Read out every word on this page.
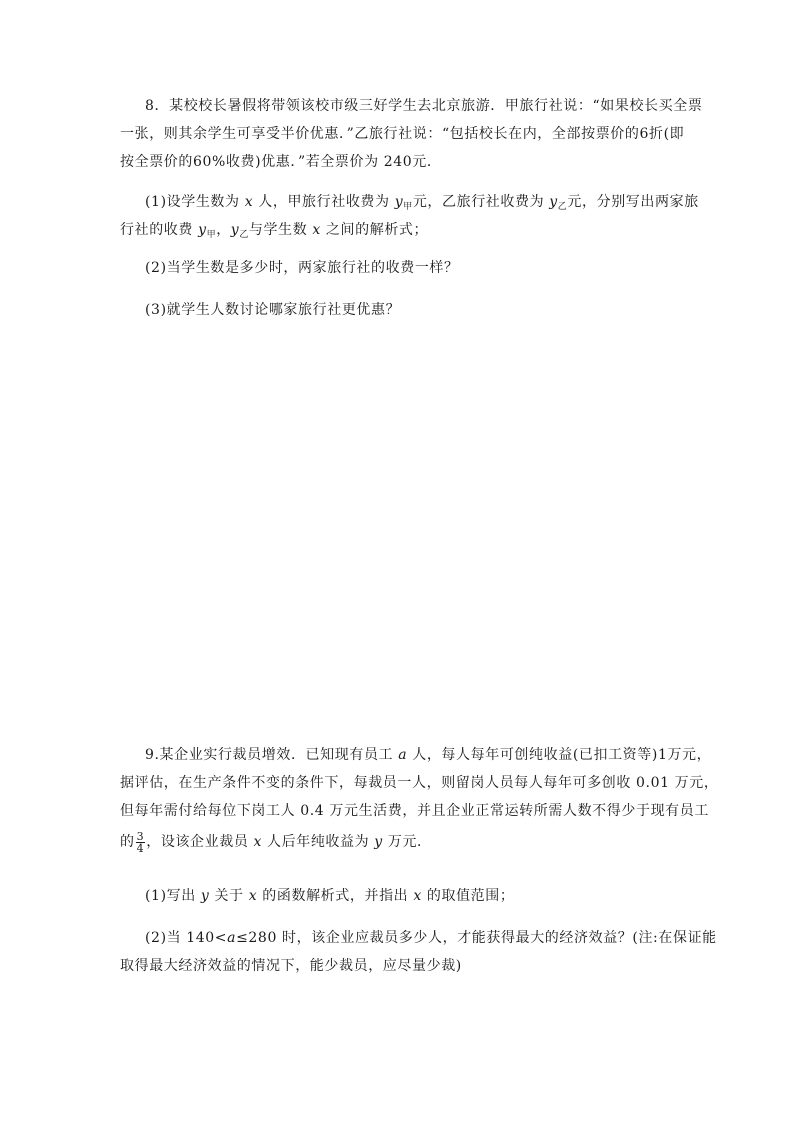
8．某校校长暑假将带领该校市级三好学生去北京旅游．甲旅行社说：“如果校长买全票
一张，则其余学生可享受半价优惠．”乙旅行社说：“包括校长在内，全部按票价的6折(即
按全票价的60%收费)优惠．”若全票价为 240元．
(1)设学生数为 x 人，甲旅行社收费为 $y_甲$元，乙旅行社收费为 $y_乙$元，分别写出两家旅
行社的收费 $y_甲$，$y_乙$与学生数 x 之间的解析式；
(2)当学生数是多少时，两家旅行社的收费一样？
(3)就学生人数讨论哪家旅行社更优惠？
9.某企业实行裁员增效．已知现有员工 a 人，每人每年可创纯收益(已扣工资等)1万元，
据评估，在生产条件不变的条件下，每裁员一人，则留岗人员每人每年可多创收 0.01 万元，
但每年需付给每位下岗工人 0.4 万元生活费，并且企业正常运转所需人数不得少于现有员工
的 $\frac{3}{4}$ ，设该企业裁员 x 人后年纯收益为 y 万元．
(1)写出 y 关于 x 的函数解析式，并指出 x 的取值范围；
(2)当 140<a≤280 时，该企业应裁员多少人，才能获得最大的经济效益？(注:在保证能
取得最大经济效益的情况下，能少裁员，应尽量少裁)
